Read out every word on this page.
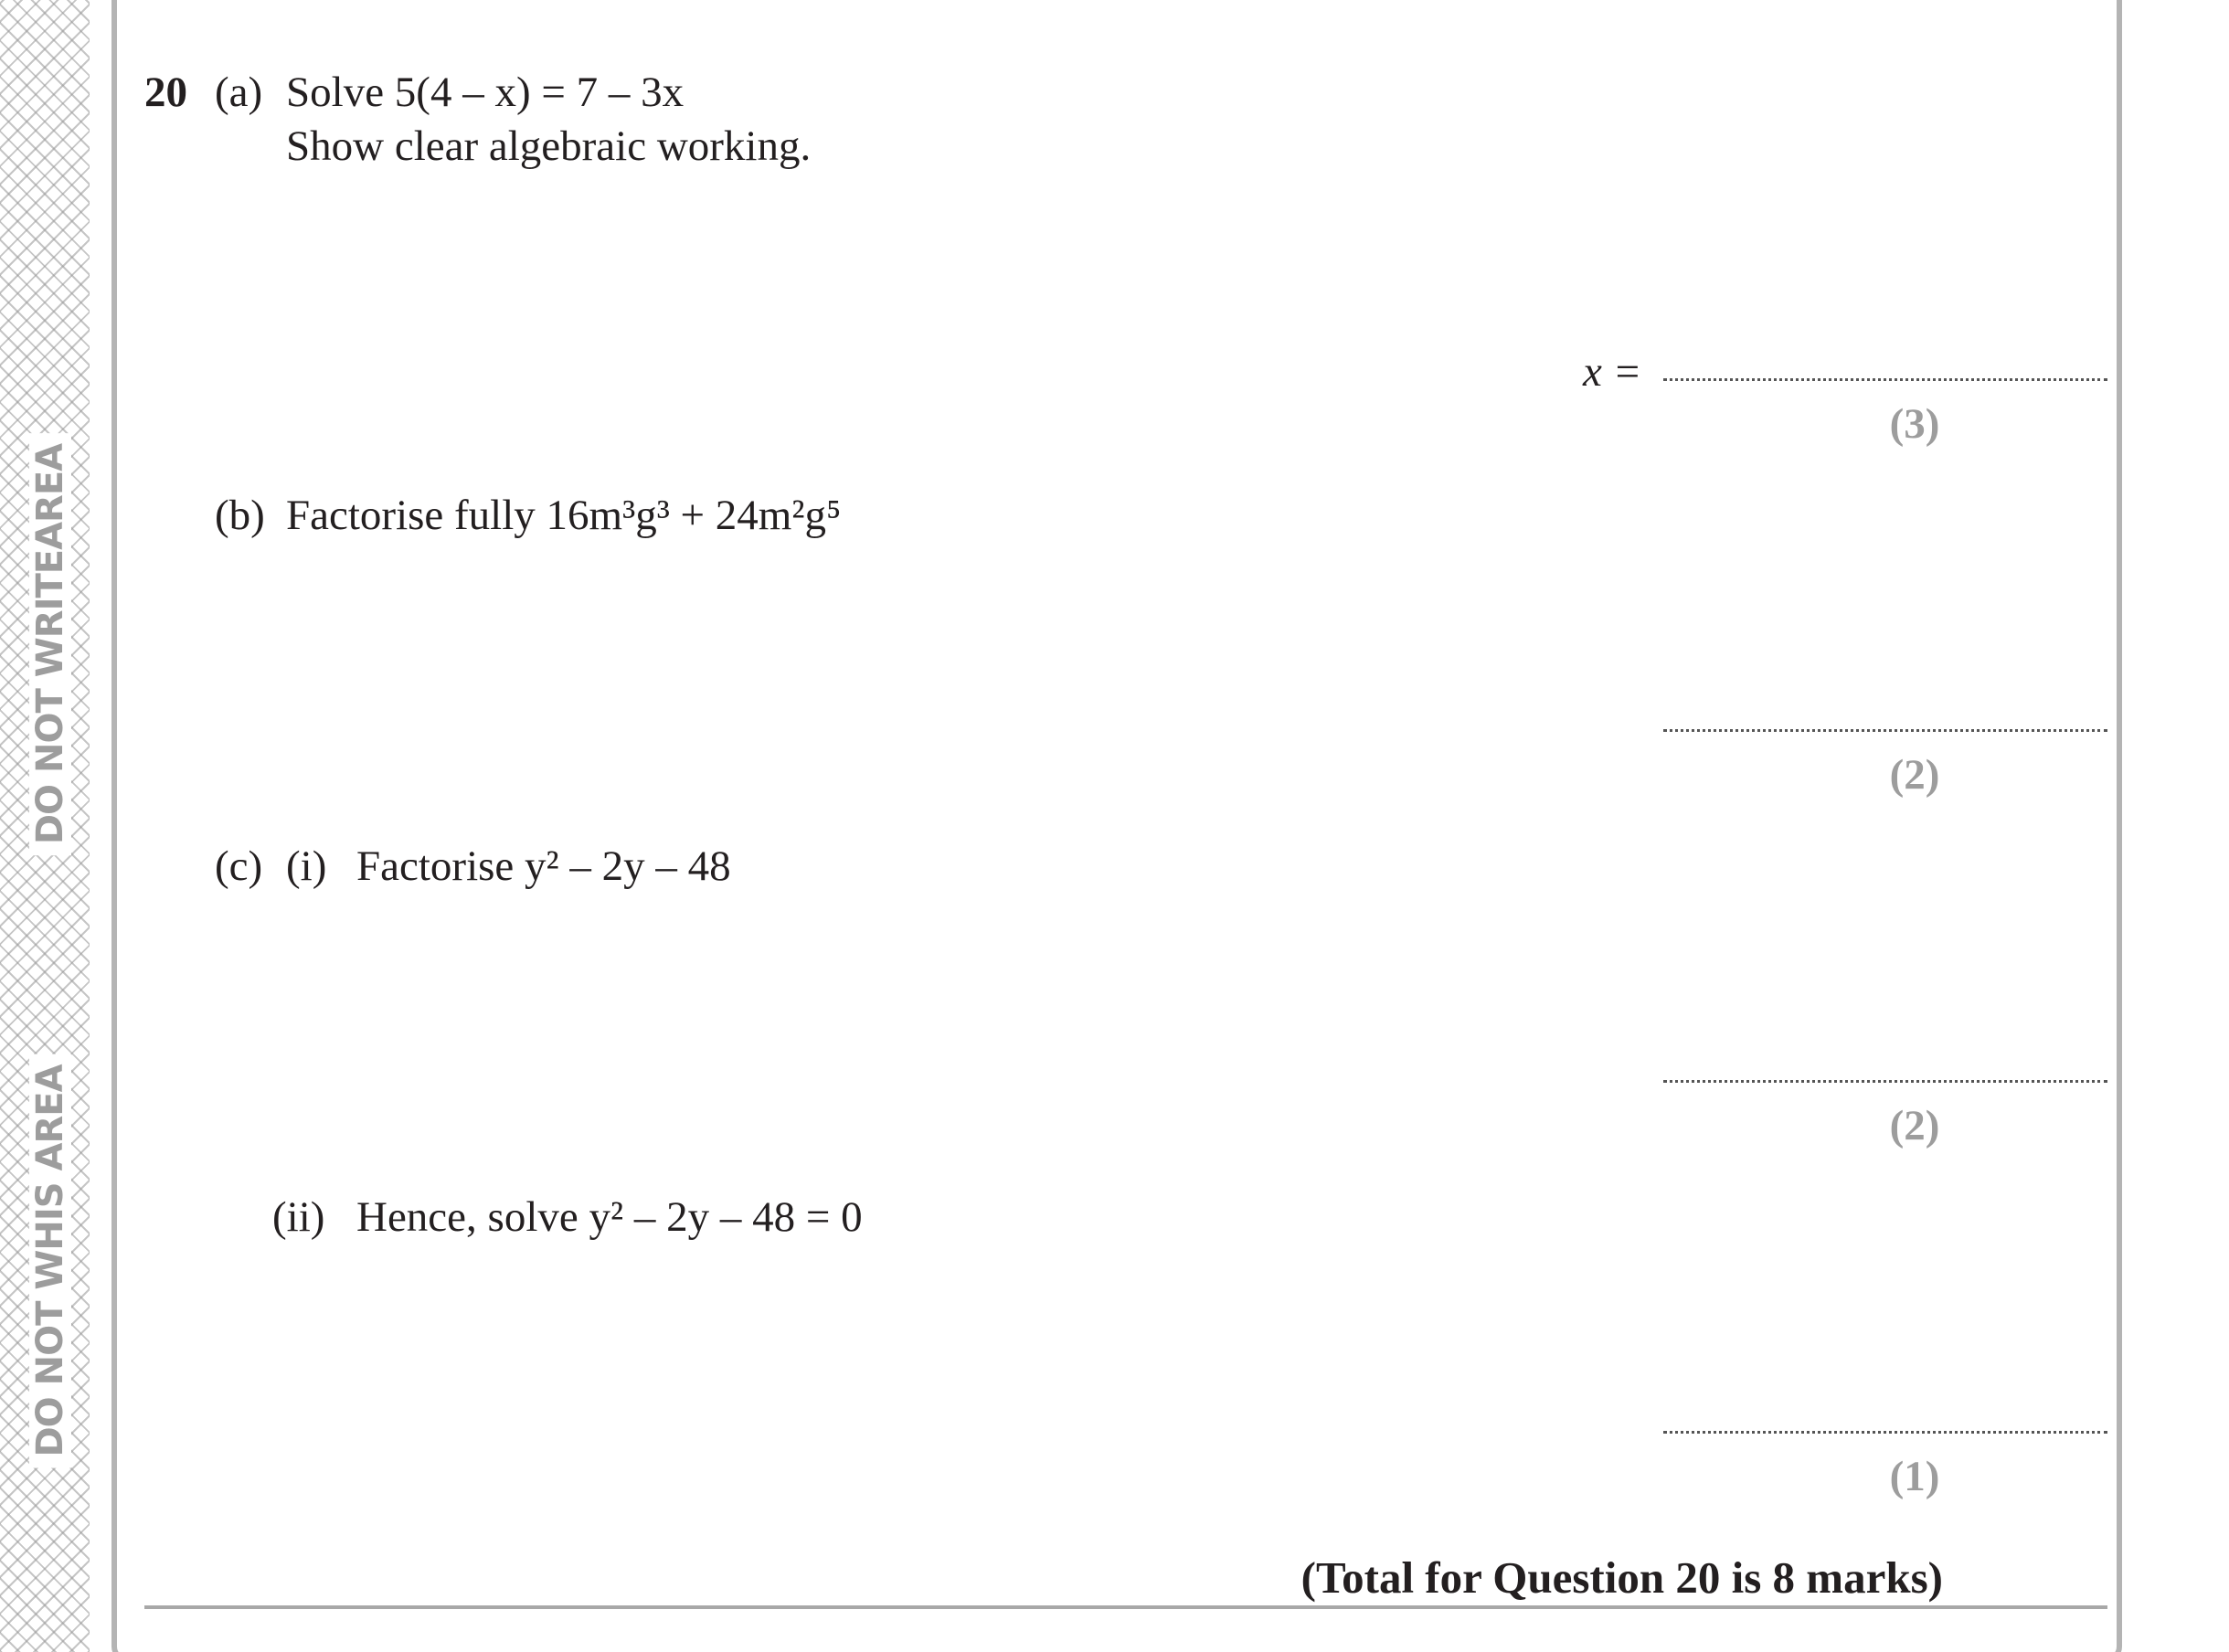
DO NOT WRITEAREA
DO NOT WHIS AREA
20 (a) Solve 5(4 – x) = 7 – 3x
Show clear algebraic working.
x =
(3)
(b) Factorise fully 16m³g³ + 24m²g⁵
(2)
(c) (i) Factorise y² – 2y – 48
(2)
(ii) Hence, solve y² – 2y – 48 = 0
(1)
(Total for Question 20 is 8 marks)
